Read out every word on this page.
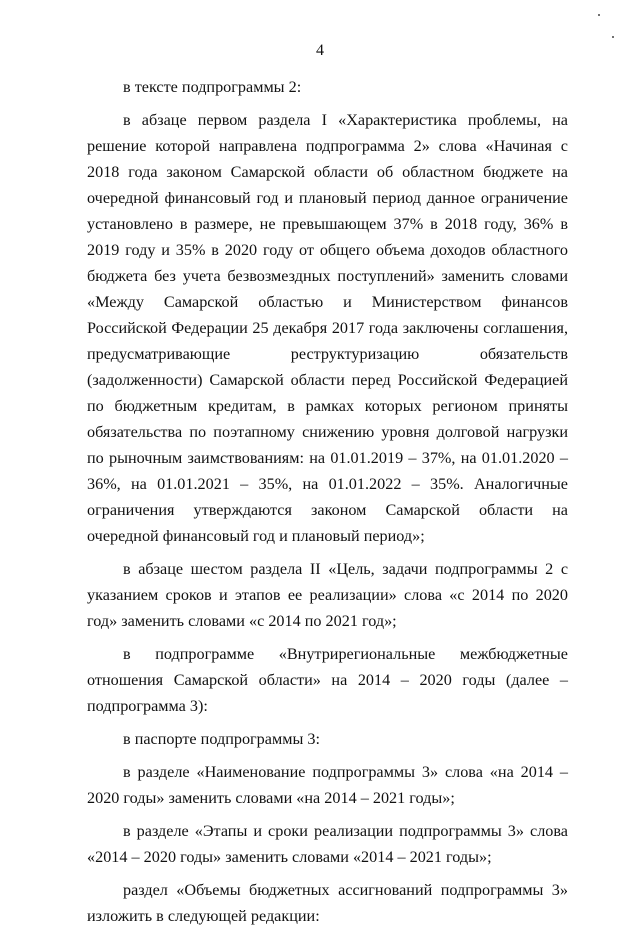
4

в тексте подпрограммы 2:

в абзаце первом раздела I «Характеристика проблемы, на решение которой направлена подпрограмма 2» слова «Начиная с 2018 года законом Самарской области об областном бюджете на очередной финансовый год и плановый период данное ограничение установлено в размере, не превышающем 37% в 2018 году, 36% в 2019 году и 35% в 2020 году от общего объема доходов областного бюджета без учета безвозмездных поступлений» заменить словами «Между Самарской областью и Министерством финансов Российской Федерации 25 декабря 2017 года заключены соглашения, предусматривающие реструктуризацию обязательств (задолженности) Самарской области перед Российской Федерацией по бюджетным кредитам, в рамках которых регионом приняты обязательства по поэтапному снижению уровня долговой нагрузки по рыночным заимствованиям: на 01.01.2019 – 37%, на 01.01.2020 – 36%, на 01.01.2021 – 35%, на 01.01.2022 – 35%. Аналогичные ограничения утверждаются законом Самарской области на очередной финансовый год и плановый период»;

в абзаце шестом раздела II «Цель, задачи подпрограммы 2 с указанием сроков и этапов ее реализации» слова «с 2014 по 2020 год» заменить словами «с 2014 по 2021 год»;

в подпрограмме «Внутрирегиональные межбюджетные отношения Самарской области» на 2014 – 2020 годы (далее – подпрограмма 3):

в паспорте подпрограммы 3:

в разделе «Наименование подпрограммы 3» слова «на 2014 – 2020 годы» заменить словами «на 2014 – 2021 годы»;

в разделе «Этапы и сроки реализации подпрограммы 3» слова «2014 – 2020 годы» заменить словами «2014 – 2021 годы»;

раздел «Объемы бюджетных ассигнований подпрограммы 3» изложить в следующей редакции:
